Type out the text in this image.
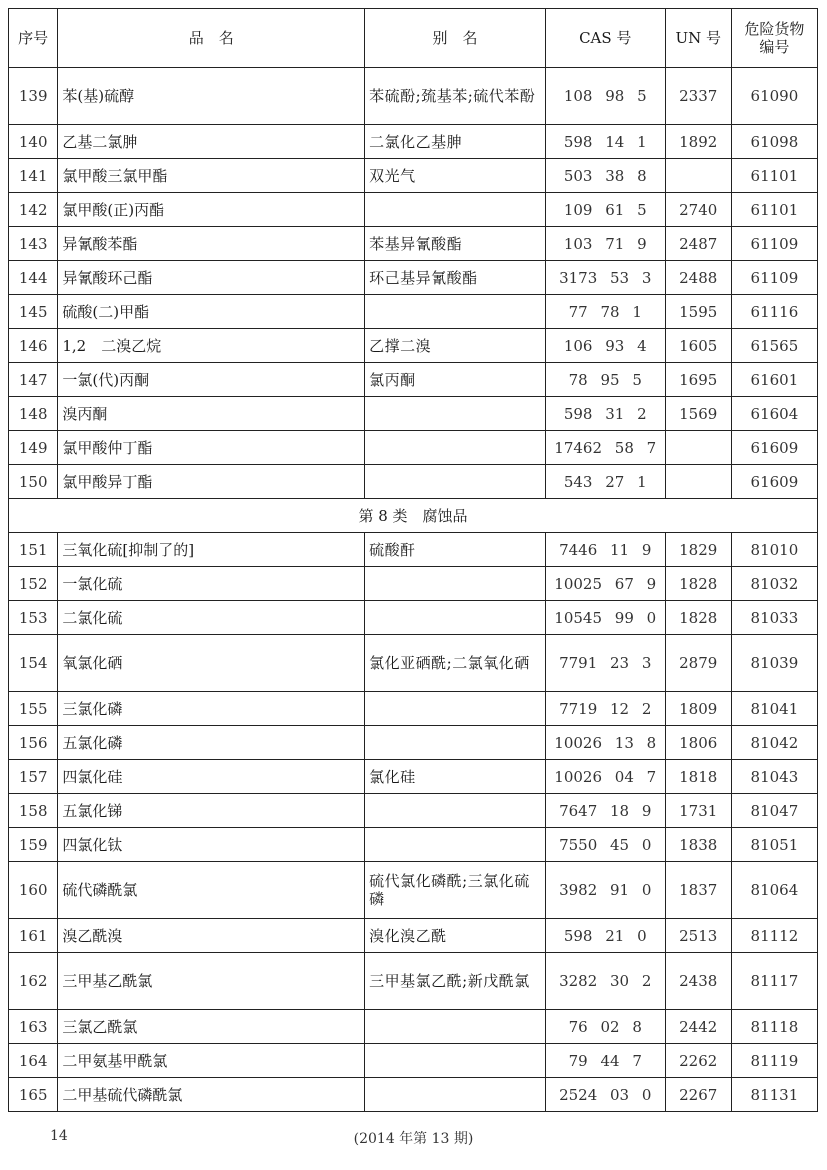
序号	品　名	别　名	CAS 号	UN 号	危险货物
编号
139	苯(基)硫醇	苯硫酚;巯基苯;硫代苯酚	108 98 5	2337	61090
140	乙基二氯胂	二氯化乙基胂	598 14 1	1892	61098
141	氯甲酸三氯甲酯	双光气	503 38 8		61101
142	氯甲酸(正)丙酯		109 61 5	2740	61101
143	异氰酸苯酯	苯基异氰酸酯	103 71 9	2487	61109
144	异氰酸环己酯	环己基异氰酸酯	3173 53 3	2488	61109
145	硫酸(二)甲酯		77 78 1	1595	61116
146	1,2　二溴乙烷	乙撑二溴	106 93 4	1605	61565
147	一氯(代)丙酮	氯丙酮	78 95 5	1695	61601
148	溴丙酮		598 31 2	1569	61604
149	氯甲酸仲丁酯		17462 58 7		61609
150	氯甲酸异丁酯		543 27 1		61609
第 8 类　腐蚀品					
151	三氧化硫[抑制了的]	硫酸酐	7446 11 9	1829	81010
152	一氯化硫		10025 67 9	1828	81032
153	二氯化硫		10545 99 0	1828	81033
154	氧氯化硒	氯化亚硒酰;二氯氧化硒	7791 23 3	2879	81039
155	三氯化磷		7719 12 2	1809	81041
156	五氯化磷		10026 13 8	1806	81042
157	四氯化硅	氯化硅	10026 04 7	1818	81043
158	五氯化锑		7647 18 9	1731	81047
159	四氯化钛		7550 45 0	1838	81051
160	硫代磷酰氯	硫代氯化磷酰;三氯化硫磷	3982 91 0	1837	81064
161	溴乙酰溴	溴化溴乙酰	598 21 0	2513	81112
162	三甲基乙酰氯	三甲基氯乙酰;新戊酰氯	3282 30 2	2438	81117
163	三氯乙酰氯		76 02 8	2442	81118
164	二甲氨基甲酰氯		79 44 7	2262	81119
165	二甲基硫代磷酰氯		2524 03 0	2267	81131
14	(2014 年第 13 期)
